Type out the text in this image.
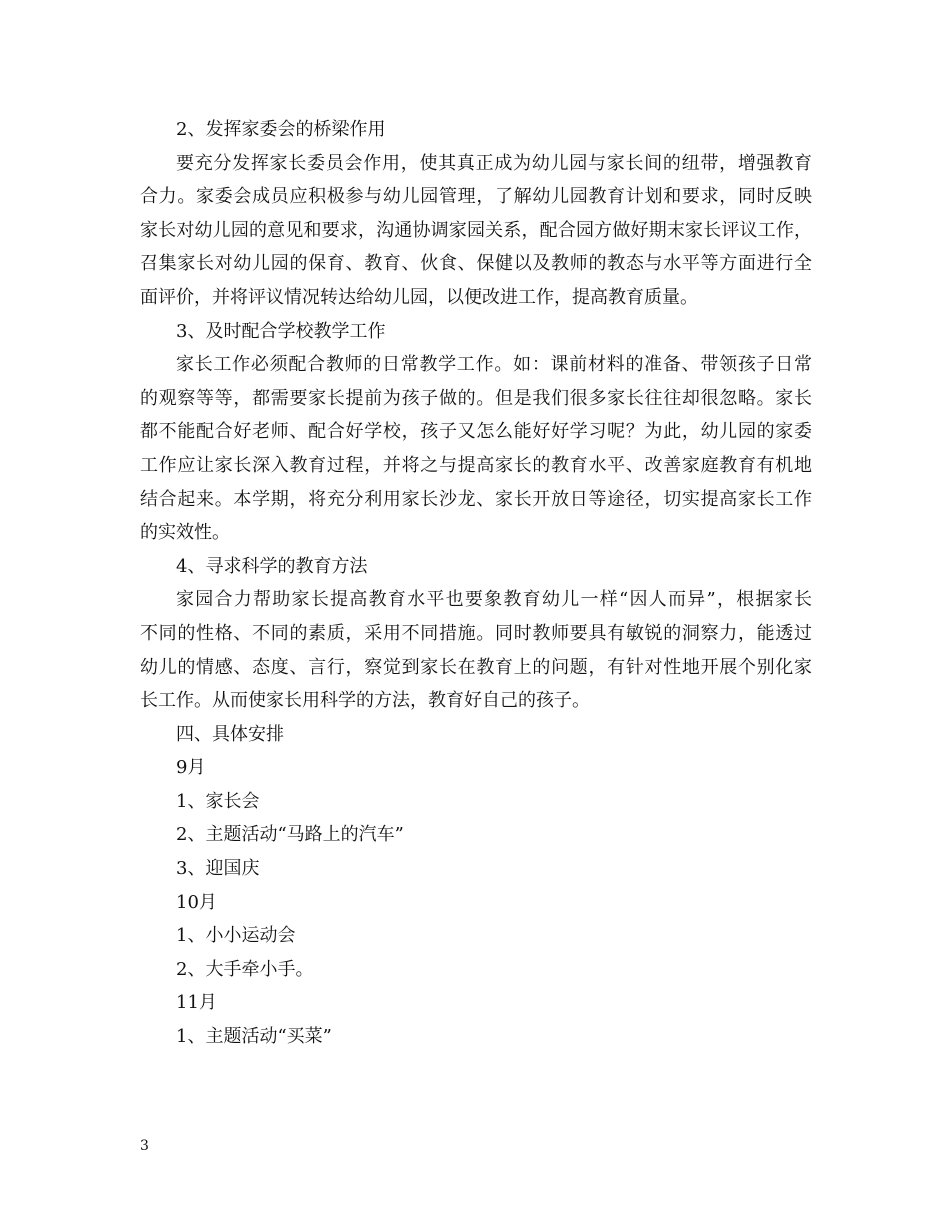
2、发挥家委会的桥梁作用

要充分发挥家长委员会作用，使其真正成为幼儿园与家长间的纽带，增强教育

合力。家委会成员应积极参与幼儿园管理，了解幼儿园教育计划和要求，同时反映

家长对幼儿园的意见和要求，沟通协调家园关系，配合园方做好期末家长评议工作，

召集家长对幼儿园的保育、教育、伙食、保健以及教师的教态与水平等方面进行全

面评价，并将评议情况转达给幼儿园，以便改进工作，提高教育质量。

3、及时配合学校教学工作

家长工作必须配合教师的日常教学工作。如：课前材料的准备、带领孩子日常

的观察等等，都需要家长提前为孩子做的。但是我们很多家长往往却很忽略。家长

都不能配合好老师、配合好学校，孩子又怎么能好好学习呢？为此，幼儿园的家委

工作应让家长深入教育过程，并将之与提高家长的教育水平、改善家庭教育有机地

结合起来。本学期，将充分利用家长沙龙、家长开放日等途径，切实提高家长工作

的实效性。

4、寻求科学的教育方法

家园合力帮助家长提高教育水平也要象教育幼儿一样“因人而异”，根据家长

不同的性格、不同的素质，采用不同措施。同时教师要具有敏锐的洞察力，能透过

幼儿的情感、态度、言行，察觉到家长在教育上的问题，有针对性地开展个别化家

长工作。从而使家长用科学的方法，教育好自己的孩子。

四、具体安排

9月

1、家长会

2、主题活动“马路上的汽车”

3、迎国庆

10月

1、小小运动会

2、大手牵小手。

11月

1、主题活动“买菜”

3
